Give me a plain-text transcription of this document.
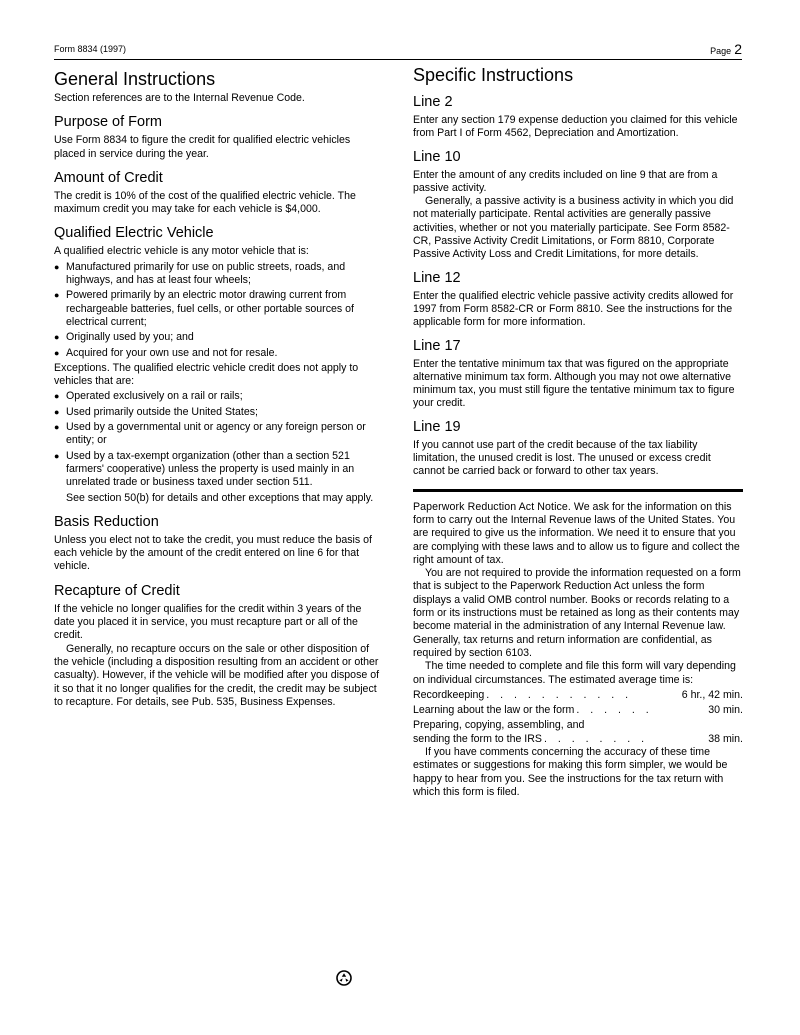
Form 8834 (1997)	Page 2
General Instructions

Section references are to the Internal Revenue Code.

Purpose of Form

Use Form 8834 to figure the credit for qualified electric vehicles placed in service during the year.

Amount of Credit

The credit is 10% of the cost of the qualified electric vehicle. The maximum credit you may take for each vehicle is $4,000.

Qualified Electric Vehicle

A qualified electric vehicle is any motor vehicle that is:

● Manufactured primarily for use on public streets, roads, and highways, and has at least four wheels;
● Powered primarily by an electric motor drawing current from rechargeable batteries, fuel cells, or other portable sources of electrical current;
● Originally used by you; and
● Acquired for your own use and not for resale.

Exceptions. The qualified electric vehicle credit does not apply to vehicles that are:

● Operated exclusively on a rail or rails;
● Used primarily outside the United States;
● Used by a governmental unit or agency or any foreign person or entity; or
● Used by a tax-exempt organization (other than a section 521 farmers' cooperative) unless the property is used mainly in an unrelated trade or business taxed under section 511.

See section 50(b) for details and other exceptions that may apply.

Basis Reduction

Unless you elect not to take the credit, you must reduce the basis of each vehicle by the amount of the credit entered on line 6 for that vehicle.

Recapture of Credit

If the vehicle no longer qualifies for the credit within 3 years of the date you placed it in service, you must recapture part or all of the credit.

Generally, no recapture occurs on the sale or other disposition of the vehicle (including a disposition resulting from an accident or other casualty). However, if the vehicle will be modified after you dispose of it so that it no longer qualifies for the credit, the credit may be subject to recapture. For details, see Pub. 535, Business Expenses.

Specific Instructions
Line 2

Enter any section 179 expense deduction you claimed for this vehicle from Part I of Form 4562, Depreciation and Amortization.

Line 10

Enter the amount of any credits included on line 9 that are from a passive activity.

Generally, a passive activity is a business activity in which you did not materially participate. Rental activities are generally passive activities, whether or not you materially participate. See Form 8582-CR, Passive Activity Credit Limitations, or Form 8810, Corporate Passive Activity Loss and Credit Limitations, for more details.

Line 12

Enter the qualified electric vehicle passive activity credits allowed for 1997 from Form 8582-CR or Form 8810. See the instructions for the applicable form for more information.

Line 17

Enter the tentative minimum tax that was figured on the appropriate alternative minimum tax form. Although you may not owe alternative minimum tax, you must still figure the tentative minimum tax to figure your credit.

Line 19

If you cannot use part of the credit because of the tax liability limitation, the unused credit is lost. The unused or excess credit cannot be carried back or forward to other tax years.

Paperwork Reduction Act Notice. We ask for the information on this form to carry out the Internal Revenue laws of the United States. You are required to give us the information. We need it to ensure that you are complying with these laws and to allow us to figure and collect the right amount of tax.

You are not required to provide the information requested on a form that is subject to the Paperwork Reduction Act unless the form displays a valid OMB control number. Books or records relating to a form or its instructions must be retained as long as their contents may become material in the administration of any Internal Revenue law. Generally, tax returns and return information are confidential, as required by section 6103.

The time needed to complete and file this form will vary depending on individual circumstances. The estimated average time is:

Recordkeeping . . . . . . . . . . .	6 hr., 42 min.
Learning about the law or the form . . . . . .	30 min.

Preparing, copying, assembling, and

sending the form to the IRS . . . . . . . .	38 min.

If you have comments concerning the accuracy of these time estimates or suggestions for making this form simpler, we would be happy to hear from you. See the instructions for the tax return with which this form is filed.
